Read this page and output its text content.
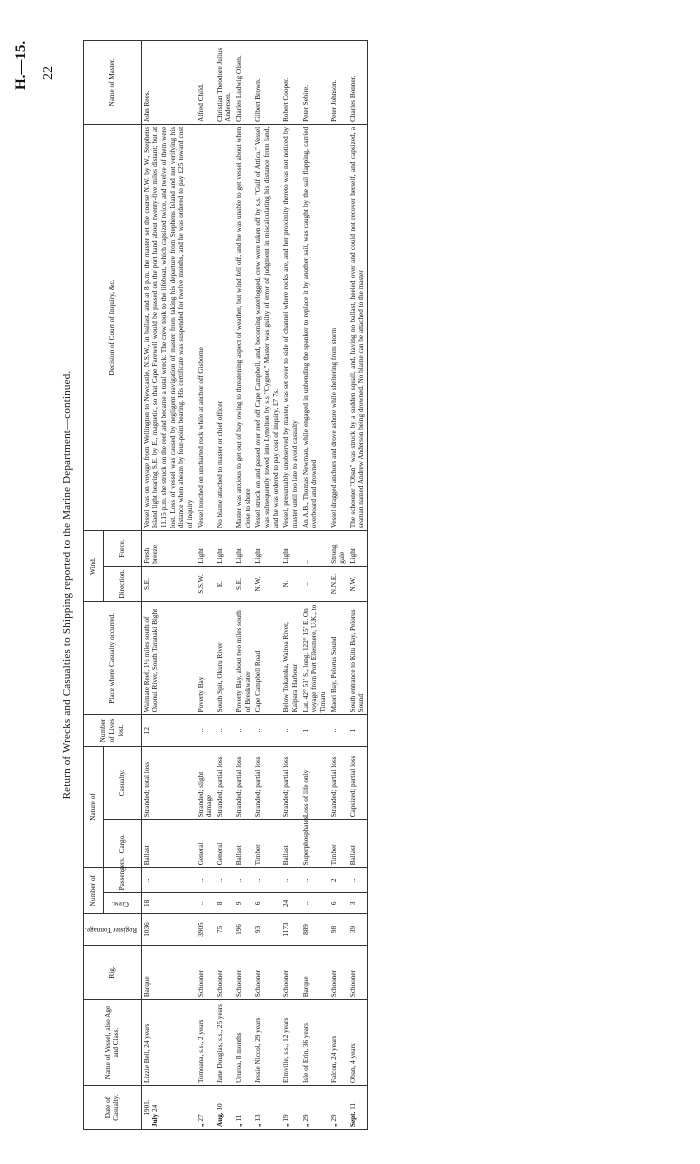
H.—15. 22
Return of Wrecks and Casualties to Shipping reported to the Marine Department—continued.
Date of Casualty.	Name of Vessel, also Age and Class.	Rig.	Register Tonnage.	Number of		Nature of		Number of Lives lost.	Place where Casualty occurred.	Wind.		Decision of Court of Inquiry, &c.	Name of Master.
				Crew.	Passengers.	Cargo.	Casualty.			Direction.	Force.		

1901.
July 24	Lizzie Bell, 24 years	Barque	1036	18	..	Ballast	Stranded; total loss	12	Waimate Reef, 1½ miles south of Oaonui River, South Taranaki Bight	S.E.	Fresh breeze	Vessel was on voyage from Wellington to Newcastle, N.S.W., in ballast, and at 8 p.m. the master set the course N.W. by W., Stephens Island light bearing S.E. by E., magnetic, so that Cape Farewell would be passed on the port hand about twenty-five miles distant; but at 11.15 p.m. she struck on the reef and became a total wreck. The crew took to the lifeboat, which capsized twice, and twelve of them were lost. Loss of vessel was caused by negligent navigation of master from taking his departure from Stephens Island and not verifying his distance when abeam by four-point bearing. His certificate was suspended for twelve months, and he was ordered to pay £25 toward cost of inquiry	John Rees.
„ 27	Tomoana, s.s., 2 years	Schooner	3905	..	..	General	Stranded; slight damage	..	Poverty Bay	S.S.W.	Light	Vessel touched on uncharted rock while at anchor off Gisborne	Alfred Child.
Aug. 10	Jane Douglas, s.s., 25 years	Schooner	75	8	..	General	Stranded; partial loss	..	South Spit, Okuru River	E.	Light	No blame attached to master or chief officer	Christian Theodore Julius Andersen.
„ 11	Ururoa, 8 months	Schooner	196	9	..	Ballast	Stranded; partial loss	..	Poverty Bay, about two miles south of Breakwater	S.E.	Light	Master was anxious to get out of bay owing to threatening aspect of weather, but wind fell off, and he was unable to get vessel about when close to shore	Charles Ludwig Olsen.
„ 13	Jessie Niccol, 29 years	Schooner	93	6	..	Timber	Stranded; partial loss	..	Cape Campbell Road	N.W.	Light	Vessel struck on and passed over reef off Cape Campbell, and, becoming waterlogged, crew were taken off by s.s. "Gulf of Attica." Vessel was subsequently towed into Lyttelton by s.s "Cygnet." Master was guilty of error of judgment in miscalculating his distance from land, and he was ordered to pay cost of inquiry, £7 7s.	Gilbert Brown.
„ 19	Elmville, s.s., 12 years	Schooner	1173	24	..	Ballast	Stranded; partial loss	..	Below Tokatoka, Wairoa River, Kaipara Harbour	N.	Light	Vessel, presumably unobserved by master, was set over to side of channel where rocks are, and her proximity thereto was not noticed by master until too late to avoid casualty	Robert Cooper.
„ 29	Isle of Erin, 36 years	Barque	889	..	..	Superphosphates	Loss of life only	1	Lat. 42° 51′ S., long. 122° 15′ E. On voyage from Port Ellesmere, U.K., to Timaru	..	..	An A.B., Thomas Newman, while engaged in unbending the spanker to replace it by another sail, was caught by the sail flapping, carried overboard and drowned	Peter Sebire.
„ 29	Falcon, 24 years	Schooner	98	6	2	Timber	Stranded; partial loss	..	Maori Bay, Pelorus Sound	N.N.E.	Strong gale	Vessel dragged anchors and drove ashore while sheltering from storm	Peter Johnson.
Sept. 11	Oban, 4 years	Schooner	39	3	..	Ballast	Capsized; partial loss	1	South entrance to Kitu Bay, Pelorus Sound	N.W.	Light	The schooner "Oban" was struck by a sudden squall, and, having no ballast, heeled over and could not recover herself, and capsized, a seaman named Andrew Anderson being drowned. No blame can be attached to the master	Charles Bonner.
